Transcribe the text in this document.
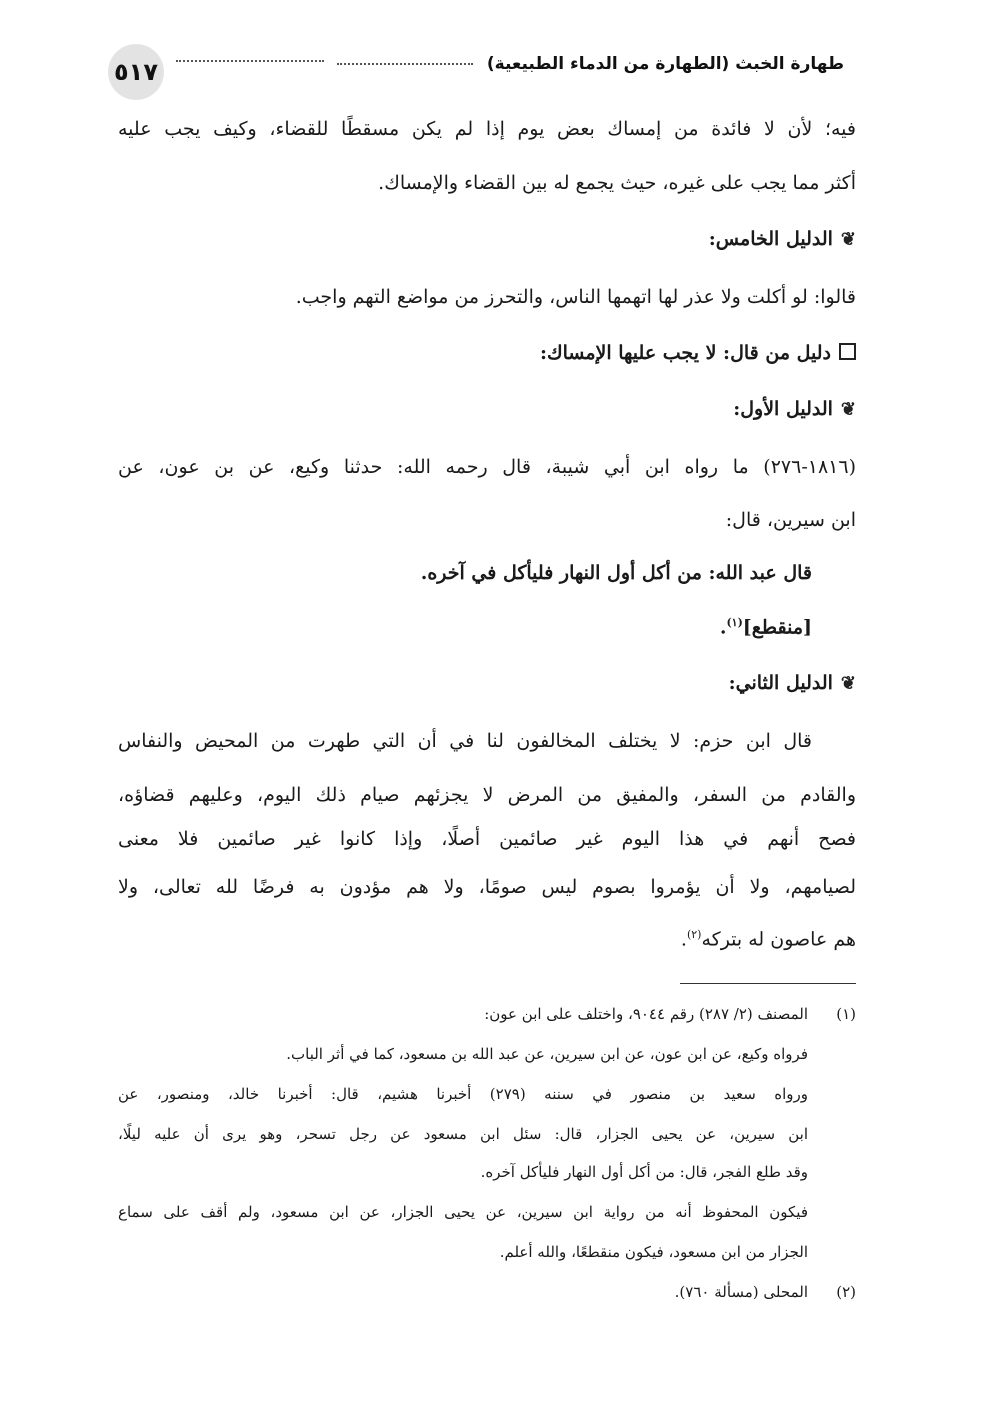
٥١٧	طهارة الخبث (الطهارة من الدماء الطبيعية)
فيه؛ لأن لا فائدة من إمساك بعض يوم إذا لم يكن مسقطًا للقضاء، وكيف يجب عليه
أكثر مما يجب على غيره، حيث يجمع له بين القضاء والإمساك.
❦الدليل الخامس:
قالوا: لو أكلت ولا عذر لها اتهمها الناس، والتحرز من مواضع التهم واجب.
دليل من قال: لا يجب عليها الإمساك:
❦الدليل الأول:
(١٨١٦-٢٧٦) ما رواه ابن أبي شيبة، قال رحمه الله: حدثنا وكيع، عن بن عون، عن
ابن سيرين، قال:
قال عبد الله: من أكل أول النهار فليأكل في آخره.
[منقطع]$^{(١)}$.
❦الدليل الثاني:
قال ابن حزم: لا يختلف المخالفون لنا في أن التي طهرت من المحيض والنفاس
والقادم من السفر، والمفيق من المرض لا يجزئهم صيام ذلك اليوم، وعليهم قضاؤه،
فصح أنهم في هذا اليوم غير صائمين أصلًا، وإذا كانوا غير صائمين فلا معنى
لصيامهم، ولا أن يؤمروا بصوم ليس صومًا، ولا هم مؤدون به فرضًا لله تعالى، ولا
هم عاصون له بتركه$^{(٢)}$.
(١)
المصنف (٢/ ٢٨٧) رقم ٩٠٤٤، واختلف على ابن عون:
فرواه وكيع، عن ابن عون، عن ابن سيرين، عن عبد الله بن مسعود، كما في أثر الباب.
ورواه سعيد بن منصور في سننه (٢٧٩) أخبرنا هشيم، قال: أخبرنا خالد، ومنصور، عن
ابن سيرين، عن يحيى الجزار، قال: سئل ابن مسعود عن رجل تسحر، وهو يرى أن عليه ليلًا،
وقد طلع الفجر، قال: من أكل أول النهار فليأكل آخره.
فيكون المحفوظ أنه من رواية ابن سيرين، عن يحيى الجزار، عن ابن مسعود، ولم أقف على سماع
الجزار من ابن مسعود، فيكون منقطعًا، والله أعلم.
(٢)
المحلى (مسألة ٧٦٠).
